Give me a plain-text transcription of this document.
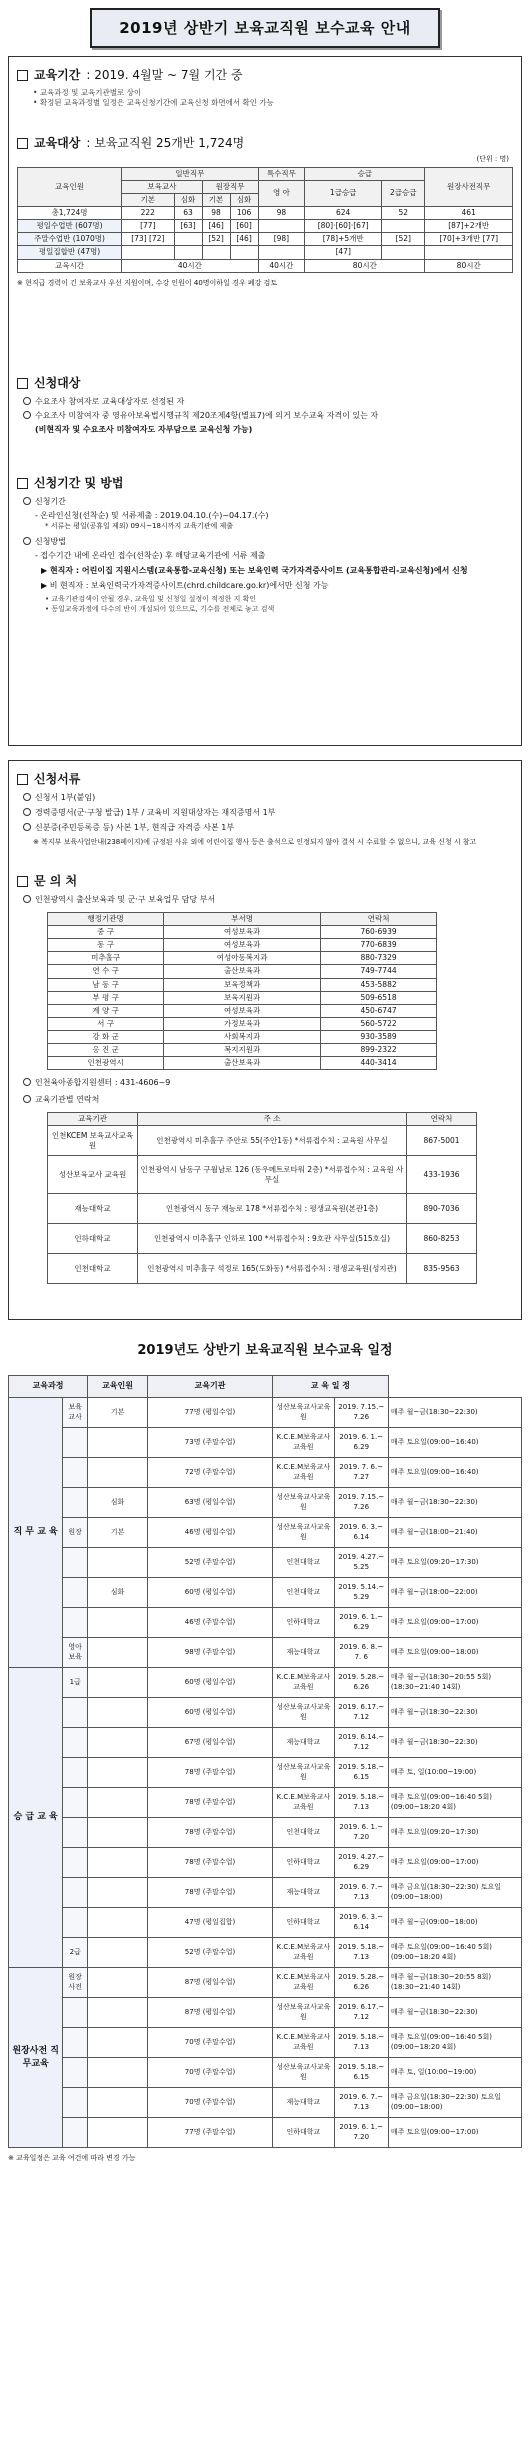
2019년 상반기 보육교직원 보수교육 안내
교육기간 : 2019. 4월말 ~ 7월 기간 중
• 교육과정 및 교육기관별로 상이
• 확정된 교육과정별 일정은 교육신청기간에 교육신청 화면에서 확인 가능
교육대상 : 보육교직원 25개반 1,724명
(단위 : 명)
교육인원	일반직무				특수직무	승급		원장사전직무
	보육교사		원장직무		영 아	1급승급	2급승급	
	기본	심화	기본	심화				
총1,724명	222	63	98	106	98	624	52	461
평일수업반 (607명)	[77]	[63]	[46]	[60]		[80]·[60]·[67]		[87]+2개반
주말수업반 (1070명)	[73] [72]		[52]	[46]	[98]	[78]+5개반	[52]	[70]+3개반 [77]
평일집합반 (47명)						[47]		
교육시간	40시간				40시간	80시간		80시간
※ 현직급 경력이 긴 보육교사 우선 지원이며, 수강 인원이 40명이하일 경우 폐강 검토
신청대상
수요조사 참여자로 교육대상자로 선정된 자
수요조사 미참여자 중 영유아보육법시행규칙 제20조제4항(별표7)에 의거 보수교육 자격이 있는 자
(비현직자 및 수요조사 미참여자도 자부담으로 교육신청 가능)
신청기간 및 방법
신청기간
- 온라인신청(선착순) 및 서류제출 : 2019.04.10.(수)~04.17.(수)
* 서류는 평일(공휴일 제외) 09시~18시까지 교육기관에 제출
신청방법
- 접수기간 내에 온라인 접수(선착순) 후 해당교육기관에 서류 제출
▶ 현직자 : 어린이집 지원시스템(교육통합-교육신청) 또는 보육인력 국가자격증사이트 (교육통합관리-교육신청)에서 신청
▶ 비 현직자 : 보육인력국가자격증사이트(chrd.childcare.go.kr)에서만 신청 가능
• 교육기관검색이 안될 경우, 교육일 및 신청일 설정이 적정한 지 확인
• 동일교육과정에 다수의 반이 개설되어 있으므로, 기수를 전체로 놓고 검색
신청서류
신청서 1부(붙임)
경력증명서(군·구청 발급) 1부 / 교육비 지원대상자는 재직증명서 1부
신분증(주민등록증 등) 사본 1부, 현직급 자격증 사본 1부
※ 복지부 보육사업안내(238페이지)에 규정된 사유 외에 어린이집 행사 등은 출석으로 인정되지 않아 결석 시 수료할 수 없으니, 교육 신청 시 참고
문 의 처
인천광역시 출산보육과 및 군·구 보육업무 담당 부서
행정기관명	부서명	연락처
중 구	여성보육과	760-6939
동 구	여성보육과	770-6839
미추홀구	여성아동복지과	880-7329
연 수 구	출산보육과	749-7744
남 동 구	보육정책과	453-5882
부 평 구	보육지원과	509-6518
계 양 구	여성보육과	450-6747
서 구	가정보육과	560-5722
강 화 군	사회복지과	930-3589
옹 진 군	복지지원과	899-2322
인천광역시	출산보육과	440-3414
인천육아종합지원센터 : 431-4606~9
교육기관별 연락처
교육기관	주 소	연락처
인천KCEM 보육교사교육원	인천광역시 미추홀구 주안로 55(주안1동) *서류접수처 : 교육원 사무실	867-5001
성산보육교사 교육원	인천광역시 남동구 구월남로 126 (동우메트로타워 2층) *서류접수처 : 교육원 사무실	433-1936
재능대학교	인천광역시 동구 재능로 178 *서류접수처 : 평생교육원(본관1층)	890-7036
인하대학교	인천광역시 미추홀구 인하로 100 *서류접수처 : 9호관 사무실(515호실)	860-8253
인천대학교	인천광역시 미추홀구 석정로 165(도화동) *서류접수처 : 평생교육원(성지관)	835-9563
2019년도 상반기 보육교직원 보수교육 일정
교육과정		교육인원	교육기관	교 육 일 정		
직 무 교 육	보육교사	기본	77명 (평일수업)	성산보육교사교육원	2019. 7.15.~ 7.26	매주 월~금(18:30~22:30)
			73명 (주말수업)	K.C.E.M보육교사교육원	2019. 6. 1.~ 6.29	매주 토요일(09:00~16:40)
			72명 (주말수업)	K.C.E.M보육교사교육원	2019. 7. 6.~ 7.27	매주 토요일(09:00~16:40)
		심화	63명 (평일수업)	성산보육교사교육원	2019. 7.15.~ 7.26	매주 월~금(18:30~22:30)
	원장	기본	46명 (평일수업)	성산보육교사교육원	2019. 6. 3.~ 6.14	매주 월~금(18:00~21:40)
			52명 (주말수업)	인천대학교	2019. 4.27.~ 5.25	매주 토요일(09:20~17:30)
		심화	60명 (평일수업)	인천대학교	2019. 5.14.~ 5.29	매주 월~금(18:00~22:00)
			46명 (주말수업)	인하대학교	2019. 6. 1.~ 6.29	매주 토요일(09:00~17:00)
	영아보육		98명 (주말수업)	재능대학교	2019. 6. 8.~ 7. 6	매주 토요일(09:00~18:00)
승 급 교 육	1급		60명 (평일수업)	K.C.E.M보육교사교육원	2019. 5.28.~ 6.26	매주 월~금(18:30~20:55 5회) (18:30~21:40 14회)
			60명 (평일수업)	성산보육교사교육원	2019. 6.17.~ 7.12	매주 월~금(18:30~22:30)
			67명 (평일수업)	재능대학교	2019. 6.14.~ 7.12	매주 월~금(18:30~22:30)
			78명 (주말수업)	성산보육교사교육원	2019. 5.18.~ 6.15	매주 토, 일(10:00~19:00)
			78명 (주말수업)	K.C.E.M보육교사교육원	2019. 5.18.~ 7.13	매주 토요일(09:00~16:40 5회) (09:00~18:20 4회)
			78명 (주말수업)	인천대학교	2019. 6. 1.~ 7.20	매주 토요일(09:20~17:30)
			78명 (주말수업)	인하대학교	2019. 4.27.~ 6.29	매주 토요일(09:00~17:00)
			78명 (주말수업)	재능대학교	2019. 6. 7.~ 7.13	매주 금요일(18:30~22:30) 토요일(09:00~18:00)
			47명 (평일집합)	인하대학교	2019. 6. 3.~ 6.14	매주 월~금(09:00~18:00)
	2급		52명 (주말수업)	K.C.E.M보육교사교육원	2019. 5.18.~ 7.13	매주 토요일(09:00~16:40 5회) (09:00~18:20 4회)
원장사전 직무교육	원장사전		87명 (평일수업)	K.C.E.M보육교사교육원	2019. 5.28.~ 6.26	매주 월~금(18:30~20:55 8회) (18:30~21:40 14회)
			87명 (평일수업)	성산보육교사교육원	2019. 6.17.~ 7.12	매주 월~금(18:30~22:30)
			70명 (주말수업)	K.C.E.M보육교사교육원	2019. 5.18.~ 7.13	매주 토요일(09:00~16:40 5회) (09:00~18:20 4회)
			70명 (주말수업)	성산보육교사교육원	2019. 5.18.~ 6.15	매주 토, 일(10:00~19:00)
			70명 (주말수업)	재능대학교	2019. 6. 7.~ 7.13	매주 금요일(18:30~22:30) 토요일(09:00~18:00)
			77명 (주말수업)	인하대학교	2019. 6. 1.~ 7.20	매주 토요일(09:00~17:00)
※ 교육일정은 교육 여건에 따라 변경 가능
